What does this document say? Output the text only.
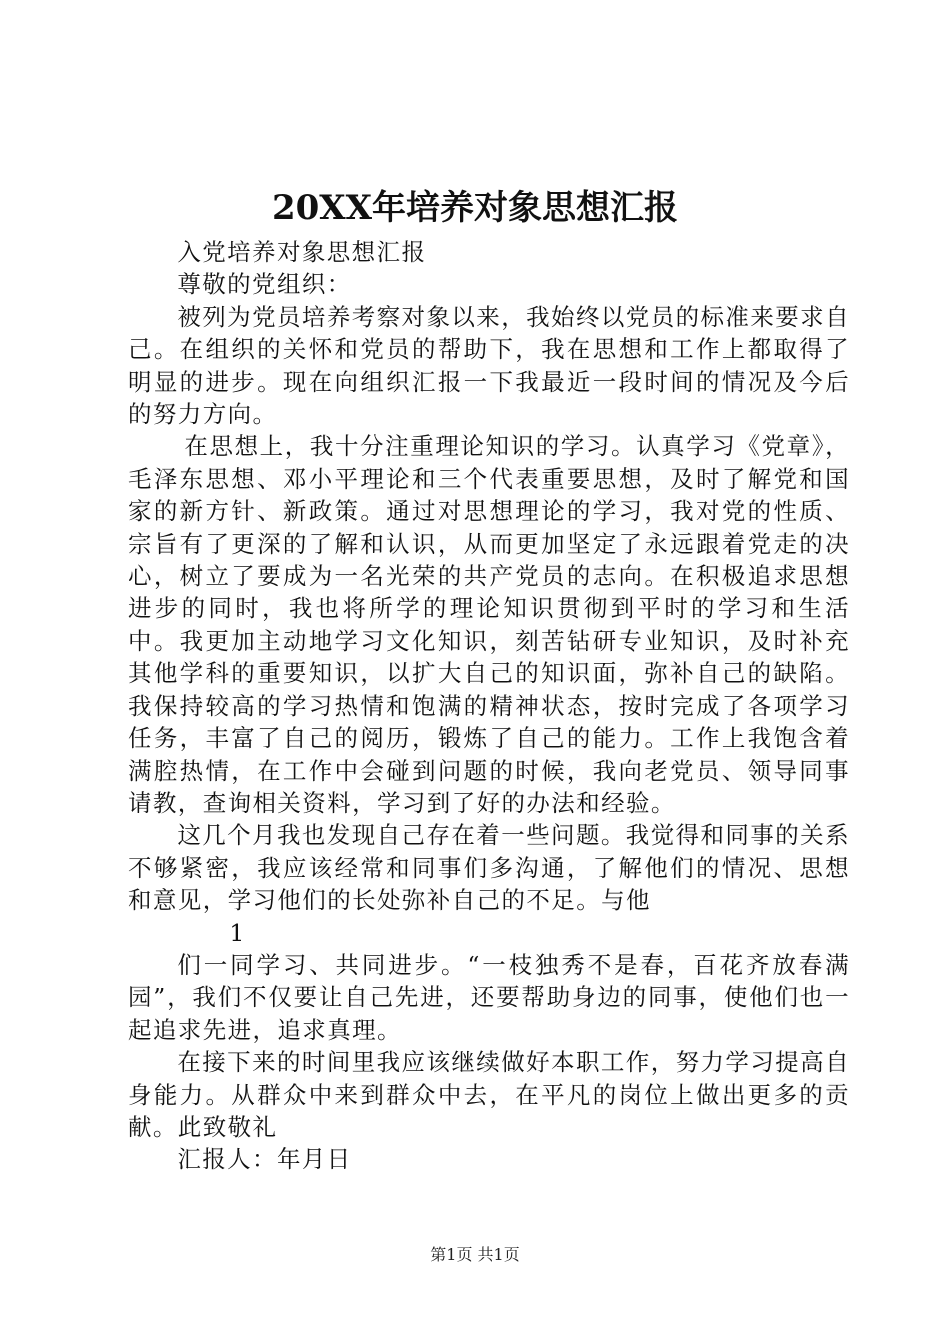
20XX年培养对象思想汇报

入党培养对象思想汇报

尊敬的党组织：

被列为党员培养考察对象以来，我始终以党员的标准来要求自己。在组织的关怀和党员的帮助下，我在思想和工作上都取得了明显的进步。现在向组织汇报一下我最近一段时间的情况及今后的努力方向。

在思想上，我十分注重理论知识的学习。认真学习《党章》，毛泽东思想、邓小平理论和三个代表重要思想，及时了解党和国家的新方针、新政策。通过对思想理论的学习，我对党的性质、宗旨有了更深的了解和认识，从而更加坚定了永远跟着党走的决心，树立了要成为一名光荣的共产党员的志向。在积极追求思想进步的同时，我也将所学的理论知识贯彻到平时的学习和生活中。我更加主动地学习文化知识，刻苦钻研专业知识，及时补充其他学科的重要知识，以扩大自己的知识面，弥补自己的缺陷。我保持较高的学习热情和饱满的精神状态，按时完成了各项学习任务，丰富了自己的阅历，锻炼了自己的能力。工作上我饱含着满腔热情，在工作中会碰到问题的时候，我向老党员、领导同事请教，查询相关资料，学习到了好的办法和经验。

这几个月我也发现自己存在着一些问题。我觉得和同事的关系不够紧密，我应该经常和同事们多沟通，了解他们的情况、思想和意见，学习他们的长处弥补自己的不足。与他

1

们一同学习、共同进步。“一枝独秀不是春，百花齐放春满园”，我们不仅要让自己先进，还要帮助身边的同事，使他们也一起追求先进，追求真理。

在接下来的时间里我应该继续做好本职工作，努力学习提高自身能力。从群众中来到群众中去，在平凡的岗位上做出更多的贡献。此致敬礼

汇报人：年月日

第1页 共1页
